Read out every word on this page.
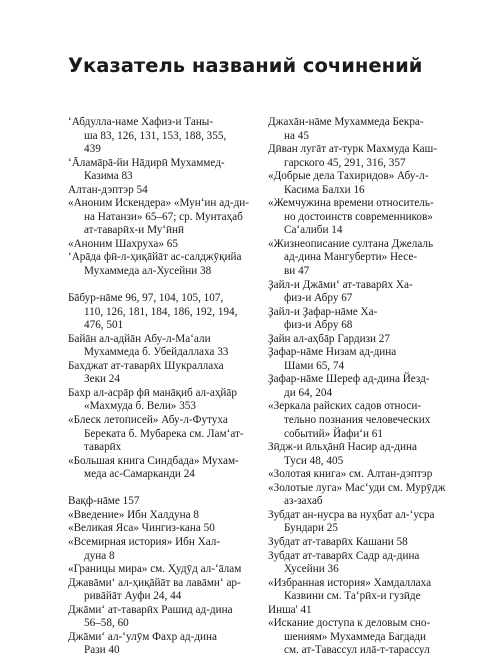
Указатель названий сочинений
ʻАбдулла-наме Хафиз-и Таны-
ша 83, 126, 131, 153, 188, 355,
439
ʻĀламāрā-йи Нāдирӣ Мухаммед-
Казима 83
Алтан-дэптэр 54
«Аноним Искендера» «Мунʻин ад-ди-
на Натанзи» 65–67; ср. Мунтаҳаб
ат-таварӣх-и Муʻӣнӣ
«Аноним Шахруха» 65
ʻАрāда фӣ-л-ҳиқāйāт ас-салджӯқийа
Мухаммеда ал-Хусейни 38
Бāбур-нāме 96, 97, 104, 105, 107,
110, 126, 181, 184, 186, 192, 194,
476, 501
Байāн ал-адйāн Абу-л-Маʻали
Мухаммеда б. Убейдаллаха 33
Бахджат ат-таварӣх Шукраллаха
Зеки 24
Бахр ал-асрāр фӣ манāқиб ал-аҳйāр
«Махмуда б. Вели» 353
«Блеск летописей» Абу-л-Футуха
Береката б. Мубарека см. Ламʻат-
таварӣх
«Большая книга Синдбада» Мухам-
меда ас-Самарканди 24
Вақф-нāме 157
«Введение» Ибн Халдуна 8
«Великая Яса» Чингиз-кана 50
«Всемирная история» Ибн Хал-
дуна 8
«Границы мира» см. Ҳудӯд ал-ʻāлам
Джавāмиʻ ал-ҳиқāйāт ва лавāмиʻ ар-
ривāйāт Ауфи 24, 44
Джāмиʻ ат-таварӣх Рашид ад-дина
56–58, 60
Джāмиʻ ал-ʻулӯм Фахр ад-дина
Рази 40
Джахāн-нāме Мухаммеда Бекра-
на 45
Дӣван лугāт ат-турк Махмуда Каш-
гарского 45, 291, 316, 357
«Добрые дела Тахиридов» Абу-л-
Касима Балхи 16
«Жемчужина времени относитель-
но достоинств современников»
Саʻалиби 14
«Жизнеописание султана Джелаль
ад-дина Мангуберти» Несе-
ви 47
Ҙайл-и Джāмиʻ ат-таварӣх Ха-
физ-и Абру 67
Ҙайл-и Ҙафар-нāме Ха-
физ-и Абру 68
Ҙайн ал-аҳбāр Гардизи 27
Ҙафар-нāме Низам ад-дина
Шами 65, 74
Ҙафар-нāме Шереф ад-дина Йезд-
ди 64, 204
«Зеркала райских садов относи-
тельно познания человеческих
событий» Йафиʻи 61
Зӣдж-и ӣльҳāнӣ Насир ад-дина
Туси 48, 405
«Золотая книга» см. Алтан-дэптэр
«Золотые луга» Масʻуди см. Мурӯдж
аз-захаб
Зубдат ан-нусра ва нуҳбат ал-ʻусра
Бундари 25
Зубдат ат-таварӣх Кашани 58
Зубдат ат-таварӣх Садр ад-дина
Хусейни 36
«Избранная история» Хамдаллаха
Казвини см. Таʻрӣх-и гузӣде
Инша' 41
«Искание доступа к деловым сно-
шениям» Мухаммеда Багдади
см. ат-Тавассул илā-т-тарассул
